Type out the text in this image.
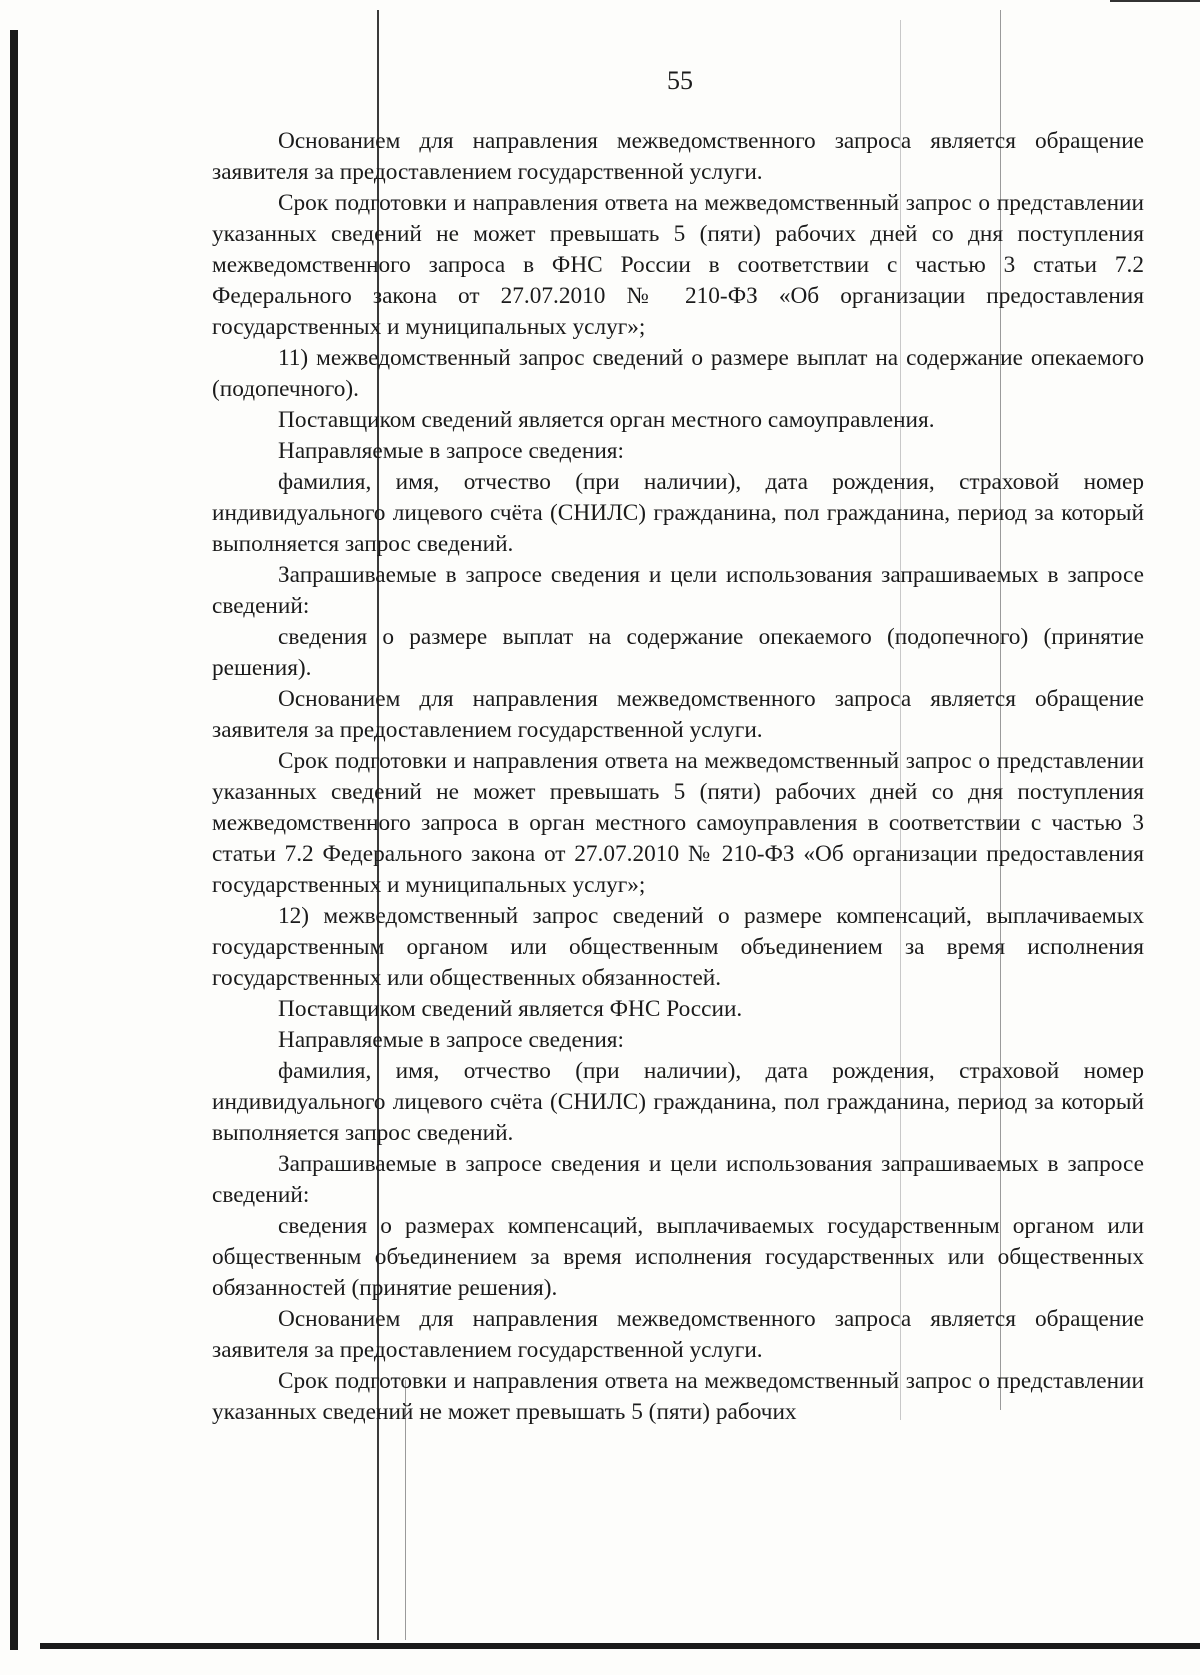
55

Основанием для направления межведомственного запроса является обращение заявителя за предоставлением государственной услуги.

Срок подготовки и направления ответа на межведомственный запрос о представлении указанных сведений не может превышать 5 (пяти) рабочих дней со дня поступления межведомственного запроса в ФНС России в соответствии с частью 3 статьи 7.2 Федерального закона от 27.07.2010 № 210-ФЗ «Об организации предоставления государственных и муниципальных услуг»;

11) межведомственный запрос сведений о размере выплат на содержание опекаемого (подопечного).

Поставщиком сведений является орган местного самоуправления.

Направляемые в запросе сведения:

фамилия, имя, отчество (при наличии), дата рождения, страховой номер индивидуального лицевого счёта (СНИЛС) гражданина, пол гражданина, период за который выполняется запрос сведений.

Запрашиваемые в запросе сведения и цели использования запрашиваемых в запросе сведений:

сведения о размере выплат на содержание опекаемого (подопечного) (принятие решения).

Основанием для направления межведомственного запроса является обращение заявителя за предоставлением государственной услуги.

Срок подготовки и направления ответа на межведомственный запрос о представлении указанных сведений не может превышать 5 (пяти) рабочих дней со дня поступления межведомственного запроса в орган местного самоуправления в соответствии с частью 3 статьи 7.2 Федерального закона от 27.07.2010 № 210-ФЗ «Об организации предоставления государственных и муниципальных услуг»;

12) межведомственный запрос сведений о размере компенсаций, выплачиваемых государственным органом или общественным объединением за время исполнения государственных или общественных обязанностей.

Поставщиком сведений является ФНС России.

Направляемые в запросе сведения:

фамилия, имя, отчество (при наличии), дата рождения, страховой номер индивидуального лицевого счёта (СНИЛС) гражданина, пол гражданина, период за который выполняется запрос сведений.

Запрашиваемые в запросе сведения и цели использования запрашиваемых в запросе сведений:

сведения о размерах компенсаций, выплачиваемых государственным органом или общественным объединением за время исполнения государственных или общественных обязанностей (принятие решения).

Основанием для направления межведомственного запроса является обращение заявителя за предоставлением государственной услуги.

Срок подготовки и направления ответа на межведомственный запрос о представлении указанных сведений не может превышать 5 (пяти) рабочих
